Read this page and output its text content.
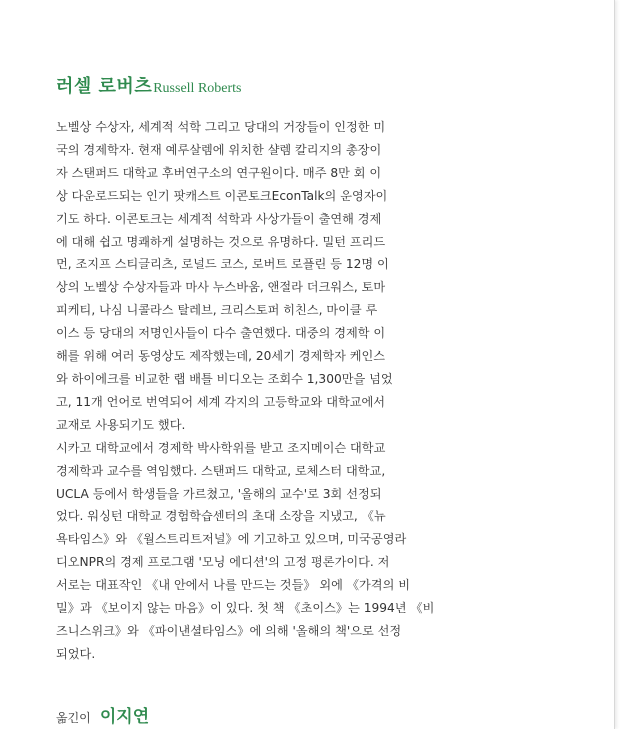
러셀 로버츠Russell Roberts
노벨상 수상자, 세계적 석학 그리고 당대의 거장들이 인정한 미
국의 경제학자. 현재 예루살렘에 위치한 샬렘 칼리지의 총장이
자 스탠퍼드 대학교 후버연구소의 연구원이다. 매주 8만 회 이
상 다운로드되는 인기 팟캐스트 이콘토크EconTalk의 운영자이
기도 하다. 이콘토크는 세계적 석학과 사상가들이 출연해 경제
에 대해 쉽고 명쾌하게 설명하는 것으로 유명하다. 밀턴 프리드
먼, 조지프 스티글리츠, 로널드 코스, 로버트 로플린 등 12명 이
상의 노벨상 수상자들과 마사 누스바움, 앤절라 더크워스, 토마
피케티, 나심 니콜라스 탈레브, 크리스토퍼 히친스, 마이클 루
이스 등 당대의 저명인사들이 다수 출연했다. 대중의 경제학 이
해를 위해 여러 동영상도 제작했는데, 20세기 경제학자 케인스
와 하이에크를 비교한 랩 배틀 비디오는 조회수 1,300만을 넘었
고, 11개 언어로 번역되어 세계 각지의 고등학교와 대학교에서
교재로 사용되기도 했다.
시카고 대학교에서 경제학 박사학위를 받고 조지메이슨 대학교
경제학과 교수를 역임했다. 스탠퍼드 대학교, 로체스터 대학교,
UCLA 등에서 학생들을 가르쳤고, '올해의 교수'로 3회 선정되
었다. 워싱턴 대학교 경험학습센터의 초대 소장을 지냈고, 《뉴
욕타임스》와 《월스트리트저널》에 기고하고 있으며, 미국공영라
디오NPR의 경제 프로그램 '모닝 에디션'의 고정 평론가이다. 저
서로는 대표작인 《내 안에서 나를 만드는 것들》 외에 《가격의 비
밀》과 《보이지 않는 마음》이 있다. 첫 책 《초이스》는 1994년 《비
즈니스위크》와 《파이낸셜타임스》에 의해 '올해의 책'으로 선정
되었다.
옮긴이 이지연
